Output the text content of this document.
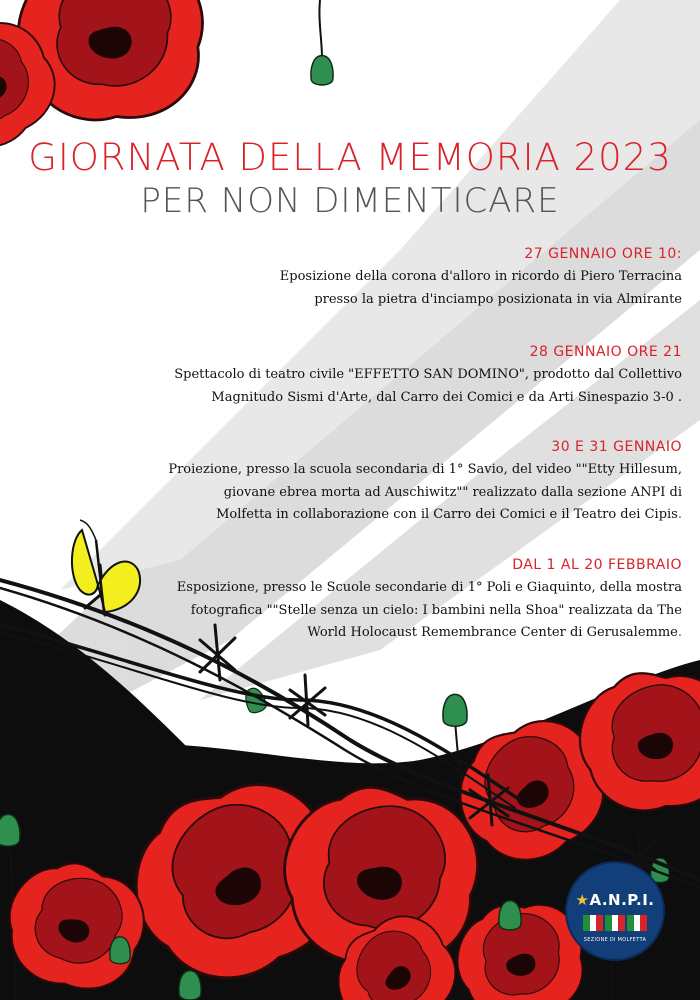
GIORNATA DELLA MEMORIA 2023
PER NON DIMENTICARE
27 GENNAIO ORE 10:
Eposizione della corona d'alloro in ricordo di Piero Terracina
presso la pietra d'inciampo posizionata in via Almirante
28 GENNAIO ORE 21
Spettacolo di teatro civile "EFFETTO SAN DOMINO", prodotto dal Collettivo
Magnitudo Sismi d'Arte, dal Carro dei Comici e da Arti Sinespazio 3-0 .
30 E 31 GENNAIO
Proiezione, presso la scuola secondaria di 1° Savio, del video ""Etty Hillesum,
giovane ebrea morta ad Auschiwitz"" realizzato dalla sezione ANPI di
Molfetta in collaborazione con il Carro dei Comici e il Teatro dei Cipis.
DAL 1 AL 20 FEBBRAIO
Esposizione, presso le Scuole secondarie di 1° Poli e Giaquinto, della mostra
fotografica ""Stelle senza un cielo: I bambini nella Shoa" realizzata da The
World Holocaust Remembrance Center di Gerusalemme.
★A.N.P.I.
SEZIONE DI MOLFETTA
